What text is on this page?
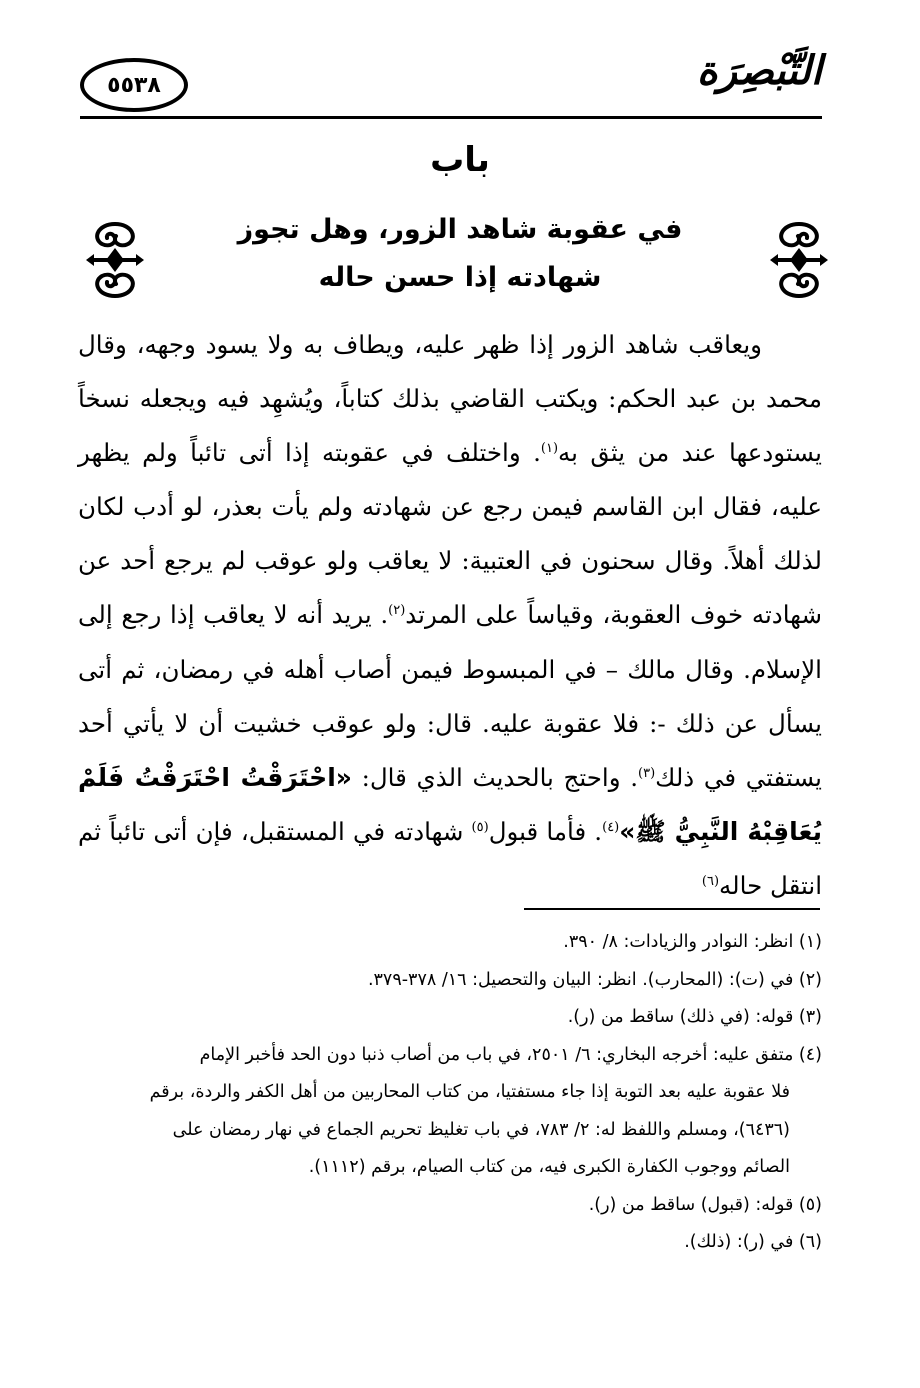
٥٥٣٨	التَّبْصِرَة
باب
في عقوبة شاهد الزور، وهل تجوز
شهادته إذا حسن حاله

ويعاقب شاهد الزور إذا ظهر عليه، ويطاف به ولا يسود وجهه، وقال محمد بن عبد الحكم: ويكتب القاضي بذلك كتاباً، ويُشهِد فيه ويجعله نسخاً يستودعها عند من يثق به$^{(١)}$. واختلف في عقوبته إذا أتى تائباً ولم يظهر عليه، فقال ابن القاسم فيمن رجع عن شهادته ولم يأت بعذر، لو أدب لكان لذلك أهلاً. وقال سحنون في العتبية: لا يعاقب ولو عوقب لم يرجع أحد عن شهادته خوف العقوبة، وقياساً على المرتد$^{(٢)}$. يريد أنه لا يعاقب إذا رجع إلى الإسلام. وقال مالك – في المبسوط فيمن أصاب أهله في رمضان، ثم أتى يسأل عن ذلك -: فلا عقوبة عليه. قال: ولو عوقب خشيت أن لا يأتي أحد يستفتي في ذلك$^{(٣)}$. واحتج بالحديث الذي قال: «احْتَرَقْتُ احْتَرَقْتُ فَلَمْ يُعَاقِبْهُ النَّبِيُّ ﷺ»$^{(٤)}$. فأما قبول$^{(٥)}$ شهادته في المستقبل، فإن أتى تائباً ثم انتقل حاله$^{(٦)}$

(١) انظر: النوادر والزيادات: ٨/ ٣٩٠.

(٢) في (ت): (المحارب). انظر: البيان والتحصيل: ١٦/ ٣٧٨-٣٧٩.

(٣) قوله: (في ذلك) ساقط من (ر).

(٤) متفق عليه: أخرجه البخاري: ٦/ ٢٥٠١، في باب من أصاب ذنبا دون الحد فأخبر الإمام

فلا عقوبة عليه بعد التوبة إذا جاء مستفتيا، من كتاب المحاربين من أهل الكفر والردة، برقم

(٦٤٣٦)، ومسلم واللفظ له: ٢/ ٧٨٣، في باب تغليظ تحريم الجماع في نهار رمضان على

الصائم ووجوب الكفارة الكبرى فيه، من كتاب الصيام، برقم (١١١٢).

(٥) قوله: (قبول) ساقط من (ر).

(٦) في (ر): (ذلك).
